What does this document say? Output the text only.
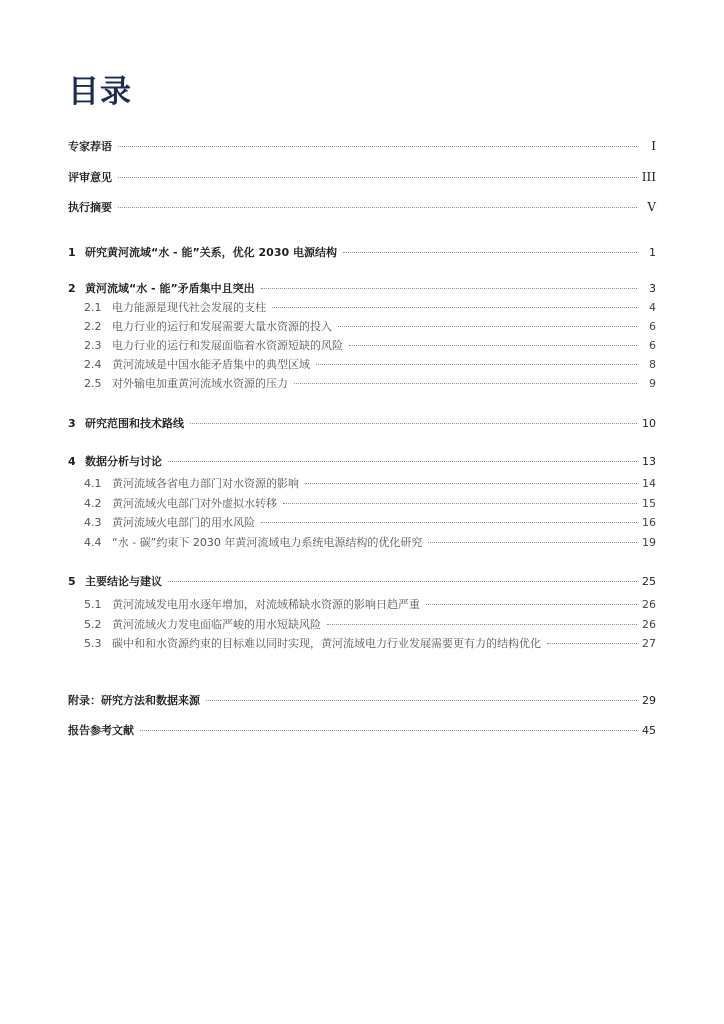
目录
专家荐语	I
评审意见	III
执行摘要	V
1 研究黄河流域“水 - 能”关系，优化 2030 电源结构	1
2 黄河流域“水 - 能”矛盾集中且突出	3
2.1 电力能源是现代社会发展的支柱	4
2.2 电力行业的运行和发展需要大量水资源的投入	6
2.3 电力行业的运行和发展面临着水资源短缺的风险	6
2.4 黄河流域是中国水能矛盾集中的典型区域	8
2.5 对外输电加重黄河流域水资源的压力	9
3 研究范围和技术路线	10
4 数据分析与讨论	13
4.1 黄河流域各省电力部门对水资源的影响	14
4.2 黄河流域火电部门对外虚拟水转移	15
4.3 黄河流域火电部门的用水风险	16
4.4 “水 - 碳”约束下 2030 年黄河流域电力系统电源结构的优化研究	19
5 主要结论与建议	25
5.1 黄河流域发电用水逐年增加，对流域稀缺水资源的影响日趋严重	26
5.2 黄河流域火力发电面临严峻的用水短缺风险	26
5.3 碳中和和水资源约束的目标难以同时实现，黄河流域电力行业发展需要更有力的结构优化	27
附录：研究方法和数据来源	29
报告参考文献	45
